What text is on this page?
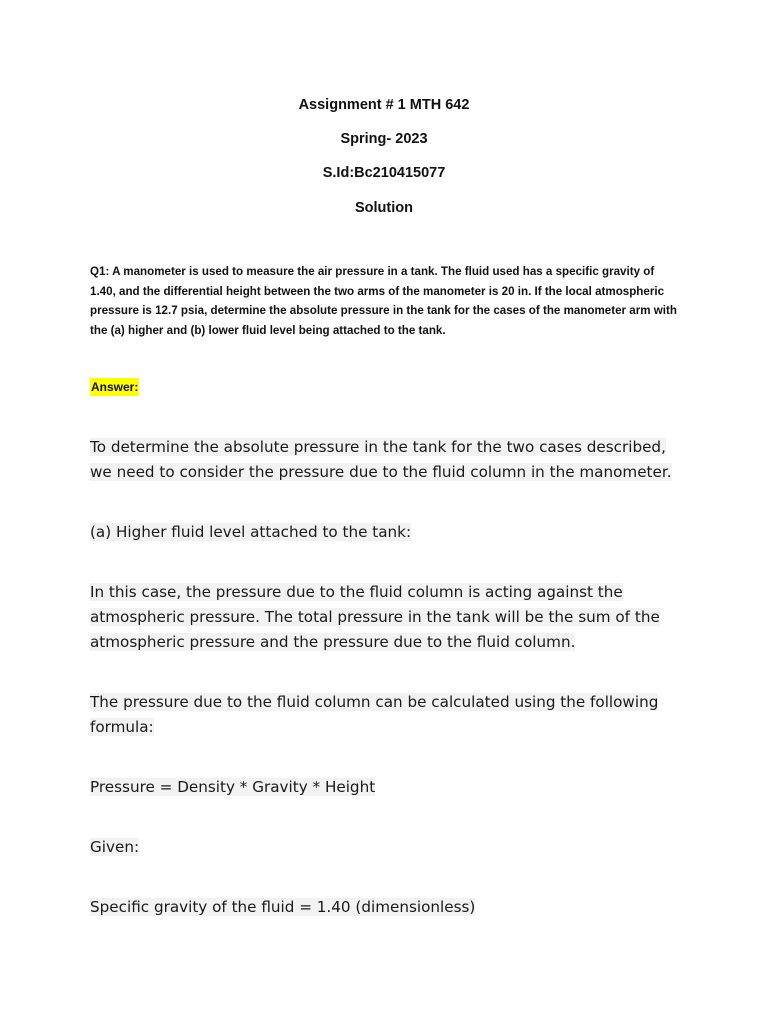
Assignment # 1 MTH 642
Spring- 2023
S.Id:Bc210415077
Solution
Q1: A manometer is used to measure the air pressure in a tank. The fluid used has a specific gravity of 1.40, and the differential height between the two arms of the manometer is 20 in. If the local atmospheric pressure is 12.7 psia, determine the absolute pressure in the tank for the cases of the manometer arm with the (a) higher and (b) lower fluid level being attached to the tank.
Answer:
To determine the absolute pressure in the tank for the two cases described, we need to consider the pressure due to the fluid column in the manometer.
(a) Higher fluid level attached to the tank:
In this case, the pressure due to the fluid column is acting against the atmospheric pressure. The total pressure in the tank will be the sum of the atmospheric pressure and the pressure due to the fluid column.
The pressure due to the fluid column can be calculated using the following formula:
Pressure = Density * Gravity * Height
Given:
Specific gravity of the fluid = 1.40 (dimensionless)
